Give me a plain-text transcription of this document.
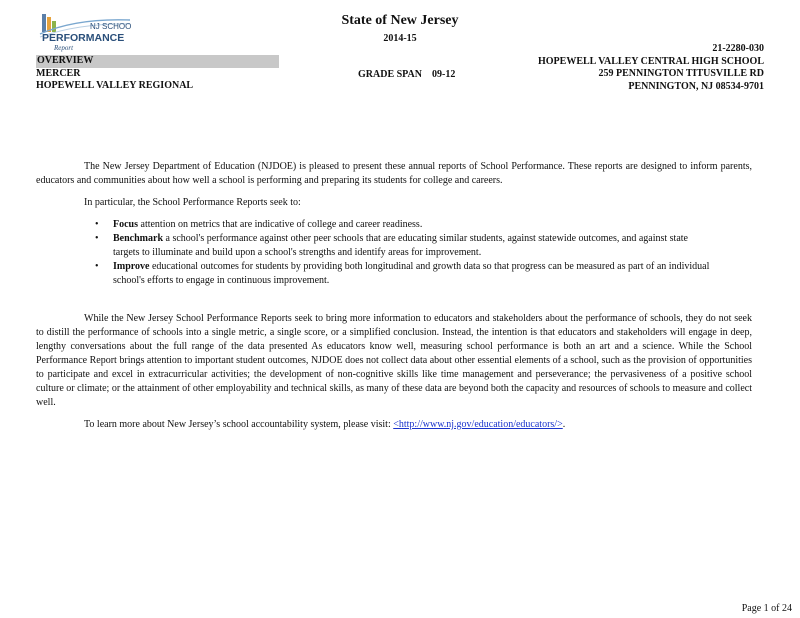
NJ SCHOOL
PERFORMANCE
Report
State of New Jersey
2014-15
OVERVIEW
MERCER
HOPEWELL VALLEY REGIONAL
GRADE SPAN 09-12
21-2280-030
HOPEWELL VALLEY CENTRAL HIGH SCHOOL
259 PENNINGTON TITUSVILLE RD
PENNINGTON, NJ 08534-9701

The New Jersey Department of Education (NJDOE) is pleased to present these annual reports of School Performance. These reports are designed to inform parents, educators and communities about how well a school is performing and preparing its students for college and careers.

In particular, the School Performance Reports seek to:

• Focus attention on metrics that are indicative of college and career readiness.
• Benchmark a school's performance against other peer schools that are educating similar students, against statewide outcomes, and against state targets to illuminate and build upon a school's strengths and identify areas for improvement.
• Improve educational outcomes for students by providing both longitudinal and growth data so that progress can be measured as part of an individual school's efforts to engage in continuous improvement.

While the New Jersey School Performance Reports seek to bring more information to educators and stakeholders about the performance of schools, they do not seek to distill the performance of schools into a single metric, a single score, or a simplified conclusion. Instead, the intention is that educators and stakeholders will engage in deep, lengthy conversations about the full range of the data presented As educators know well, measuring school performance is both an art and a science. While the School Performance Report brings attention to important student outcomes, NJDOE does not collect data about other essential elements of a school, such as the provision of opportunities to participate and excel in extracurricular activities; the development of non-cognitive skills like time management and perseverance; the pervasiveness of a positive school culture or climate; or the attainment of other employability and technical skills, as many of these data are beyond both the capacity and resources of schools to measure and collect well.

To learn more about New Jersey’s school accountability system, please visit: <http://www.nj.gov/education/educators/>.

Page 1 of 24
